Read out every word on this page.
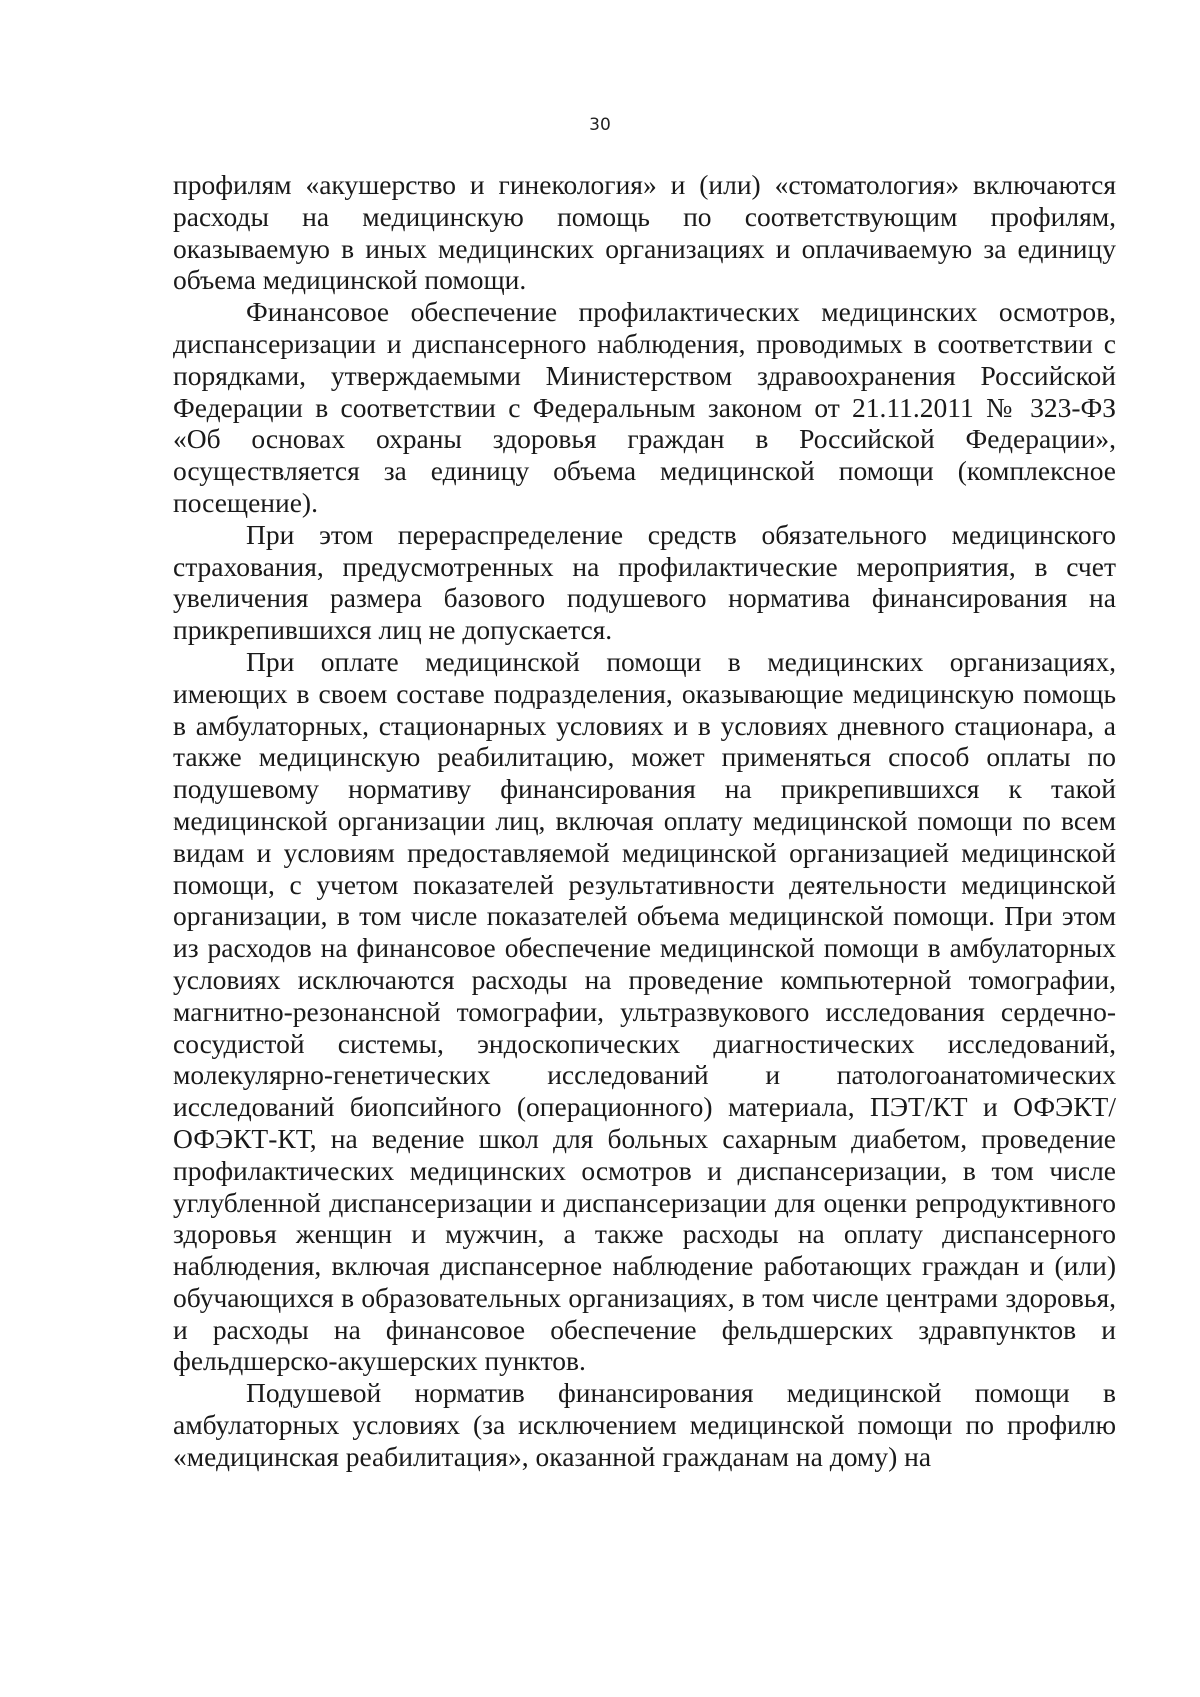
30

профилям «акушерство и гинекология» и (или) «стоматология» включаются расходы на медицинскую помощь по соответствующим профилям, оказываемую в иных медицинских организациях и оплачиваемую за единицу объема медицинской помощи.

Финансовое обеспечение профилактических медицинских осмотров, диспансеризации и диспансерного наблюдения, проводимых в соответствии с порядками, утверждаемыми Министерством здравоохранения Российской Федерации в соответствии с Федеральным законом от 21.11.2011 № 323-ФЗ «Об основах охраны здоровья граждан в Российской Федерации», осуществляется за единицу объема медицинской помощи (комплексное посещение).

При этом перераспределение средств обязательного медицинского страхования, предусмотренных на профилактические мероприятия, в счет увеличения размера базового подушевого норматива финансирования на прикрепившихся лиц не допускается.

При оплате медицинской помощи в медицинских организациях, имеющих в своем составе подразделения, оказывающие медицинскую помощь в амбулаторных, стационарных условиях и в условиях дневного стационара, а также медицинскую реабилитацию, может применяться способ оплаты по подушевому нормативу финансирования на прикрепившихся к такой медицинской организации лиц, включая оплату медицинской помощи по всем видам и условиям предоставляемой медицинской организацией медицинской помощи, с учетом показателей результативности деятельности медицинской организации, в том числе показателей объема медицинской помощи. При этом из расходов на финансовое обеспечение медицинской помощи в амбулаторных условиях исключаются расходы на проведение компьютерной томографии, магнитно-резонансной томографии, ультразвукового исследования сердечно-сосудистой системы, эндоскопических диагностических исследований, молекулярно-генетических исследований и патологоанатомических исследований биопсийного (операционного) материала, ПЭТ/КТ и ОФЭКТ/ОФЭКТ-КТ, на ведение школ для больных сахарным диабетом, проведение профилактических медицинских осмотров и диспансеризации, в том числе углубленной диспансеризации и диспансеризации для оценки репродуктивного здоровья женщин и мужчин, а также расходы на оплату диспансерного наблюдения, включая диспансерное наблюдение работающих граждан и (или) обучающихся в образовательных организациях, в том числе центрами здоровья, и расходы на финансовое обеспечение фельдшерских здравпунктов и фельдшерско-акушерских пунктов.

Подушевой норматив финансирования медицинской помощи в амбулаторных условиях (за исключением медицинской помощи по профилю «медицинская реабилитация», оказанной гражданам на дому) на
